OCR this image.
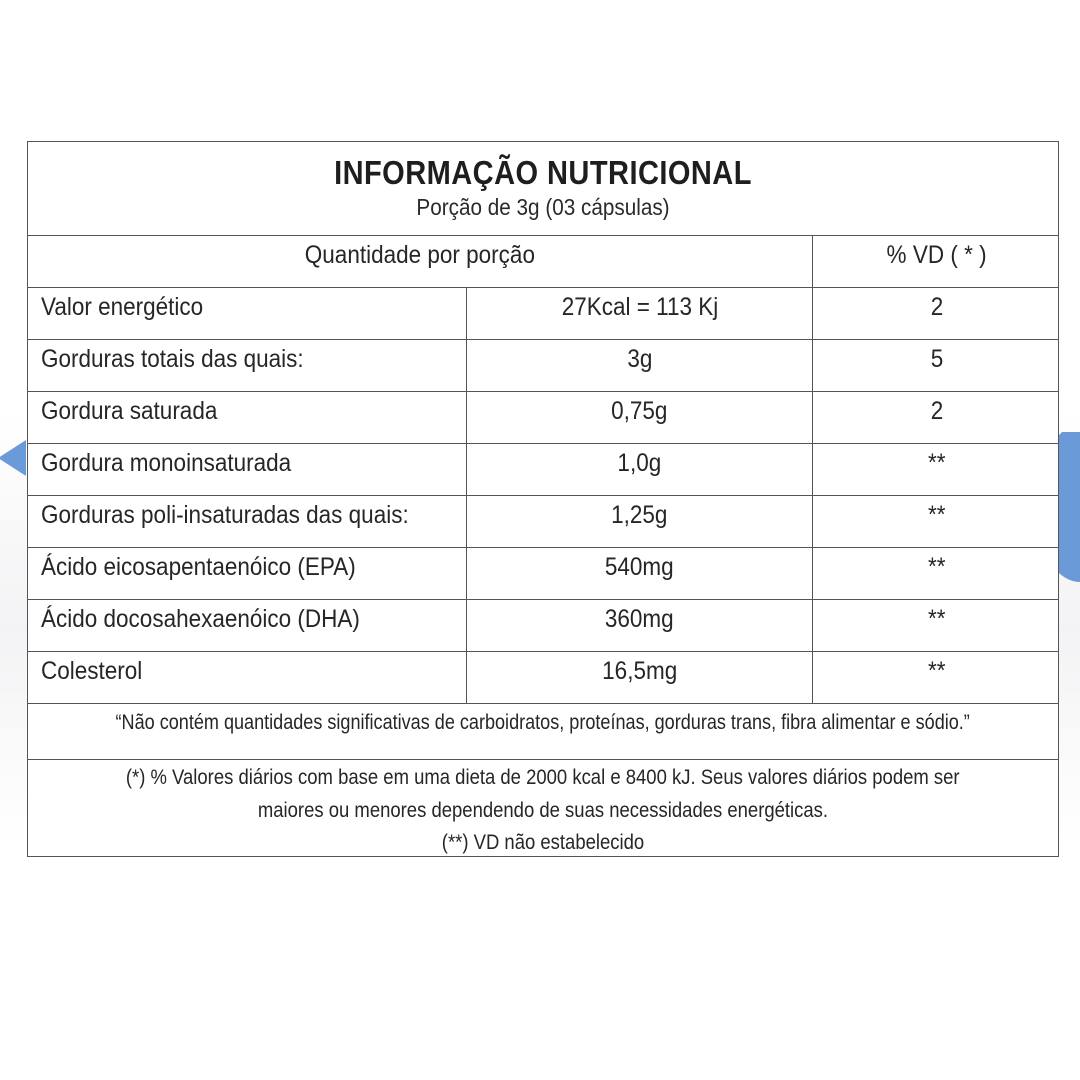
INFORMAÇÃO NUTRICIONAL
Porção de 3g (03 cápsulas)
Quantidade por porção	% VD ( * )
Valor energético	27Kcal = 113 Kj	2
Gorduras totais das quais:	3g	5
Gordura saturada	0,75g	2
Gordura monoinsaturada	1,0g	**
Gorduras poli-insaturadas das quais:	1,25g	**
Ácido eicosapentaenóico (EPA)	540mg	**
Ácido docosahexaenóico (DHA)	360mg	**
Colesterol	16,5mg	**
“Não contém quantidades significativas de carboidratos, proteínas, gorduras trans, fibra alimentar e sódio.”
(*) % Valores diários com base em uma dieta de 2000 kcal e 8400 kJ. Seus valores diários podem ser
maiores ou menores dependendo de suas necessidades energéticas.
(**) VD não estabelecido
